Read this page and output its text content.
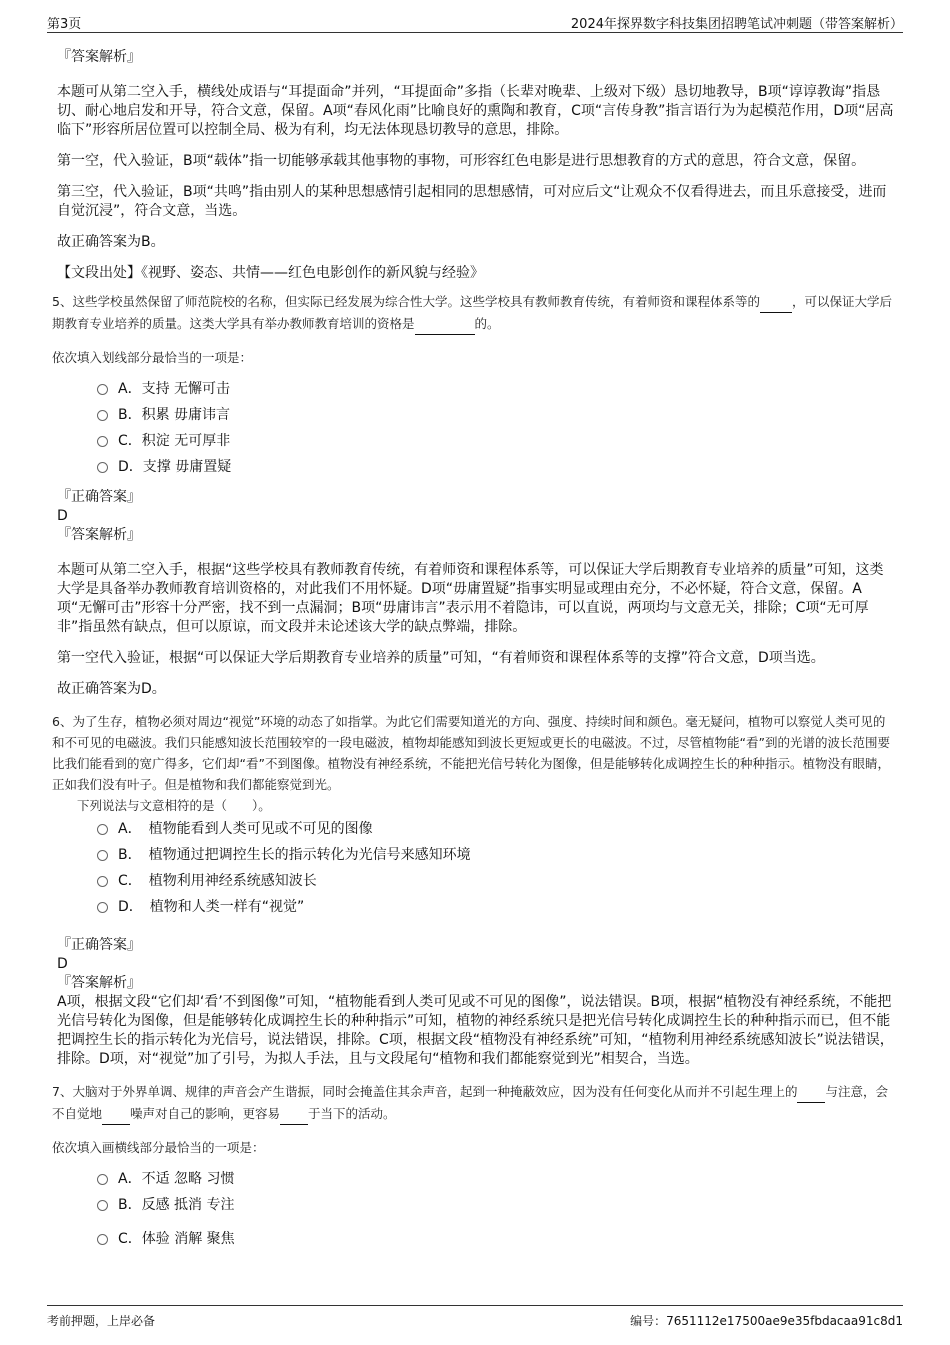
第3页	2024年探界数字科技集团招聘笔试冲刺题（带答案解析）

『答案解析』

本题可从第二空入手，横线处成语与“耳提面命”并列，“耳提面命”多指（长辈对晚辈、上级对下级）恳切地教导，B项“谆谆教诲”指恳切、耐心地启发和开导，符合文意，保留。A项“春风化雨”比喻良好的熏陶和教育，C项“言传身教”指言语行为为起模范作用，D项“居高临下”形容所居位置可以控制全局、极为有利，均无法体现恳切教导的意思，排除。

第一空，代入验证，B项“载体”指一切能够承载其他事物的事物，可形容红色电影是进行思想教育的方式的意思，符合文意，保留。

第三空，代入验证，B项“共鸣”指由别人的某种思想感情引起相同的思想感情，可对应后文“让观众不仅看得进去，而且乐意接受，进而自觉沉浸”，符合文意，当选。

故正确答案为B。

【文段出处】《视野、姿态、共情——红色电影创作的新风貌与经验》

5、这些学校虽然保留了师范院校的名称，但实际已经发展为综合性大学。这些学校具有教师教育传统，有着师资和课程体系等的	，可以保证大学后期教育专业培养的质量。这类大学具有举办教师教育培训的资格是	的。

依次填入划线部分最恰当的一项是：

A．支持 无懈可击
B．积累 毋庸讳言
C．积淀 无可厚非
D．支撑 毋庸置疑

『正确答案』

D

『答案解析』

本题可从第二空入手，根据“这些学校具有教师教育传统，有着师资和课程体系等，可以保证大学后期教育专业培养的质量”可知，这类大学是具备举办教师教育培训资格的，对此我们不用怀疑。D项“毋庸置疑”指事实明显或理由充分，不必怀疑，符合文意，保留。A项“无懈可击”形容十分严密，找不到一点漏洞；B项“毋庸讳言”表示用不着隐讳，可以直说，两项均与文意无关，排除；C项“无可厚非”指虽然有缺点，但可以原谅，而文段并未论述该大学的缺点弊端，排除。

第一空代入验证，根据“可以保证大学后期教育专业培养的质量”可知，“有着师资和课程体系等的支撑”符合文意，D项当选。

故正确答案为D。

6、为了生存，植物必须对周边“视觉”环境的动态了如指掌。为此它们需要知道光的方向、强度、持续时间和颜色。毫无疑问，植物可以察觉人类可见的和不可见的电磁波。我们只能感知波长范围较窄的一段电磁波，植物却能感知到波长更短或更长的电磁波。不过，尽管植物能“看”到的光谱的波长范围要比我们能看到的宽广得多，它们却“看”不到图像。植物没有神经系统，不能把光信号转化为图像，但是能够转化成调控生长的种种指示。植物没有眼睛，正如我们没有叶子。但是植物和我们都能察觉到光。

下列说法与文意相符的是（　　）。

A．　植物能看到人类可见或不可见的图像
B．　植物通过把调控生长的指示转化为光信号来感知环境
C．　植物利用神经系统感知波长
D．　植物和人类一样有“视觉”

『正确答案』

D

『答案解析』

A项，根据文段“它们却‘看’不到图像”可知，“植物能看到人类可见或不可见的图像”，说法错误。B项，根据“植物没有神经系统，不能把光信号转化为图像，但是能够转化成调控生长的种种指示”可知，植物的神经系统只是把光信号转化成调控生长的种种指示而已，但不能把调控生长的指示转化为光信号，说法错误，排除。C项，根据文段“植物没有神经系统”可知，“植物利用神经系统感知波长”说法错误，排除。D项，对“视觉”加了引号，为拟人手法，且与文段尾句“植物和我们都能察觉到光”相契合，当选。

7、大脑对于外界单调、规律的声音会产生谐振，同时会掩盖住其余声音，起到一种掩蔽效应，因为没有任何变化从而并不引起生理上的 与注意，会不自觉地 噪声对自己的影响，更容易 于当下的活动。

依次填入画横线部分最恰当的一项是：

A．不适 忽略 习惯
B．反感 抵消 专注
C．体验 消解 聚焦
考前押题，上岸必备	编号：7651112e17500ae9e35fbdacaa91c8d1
